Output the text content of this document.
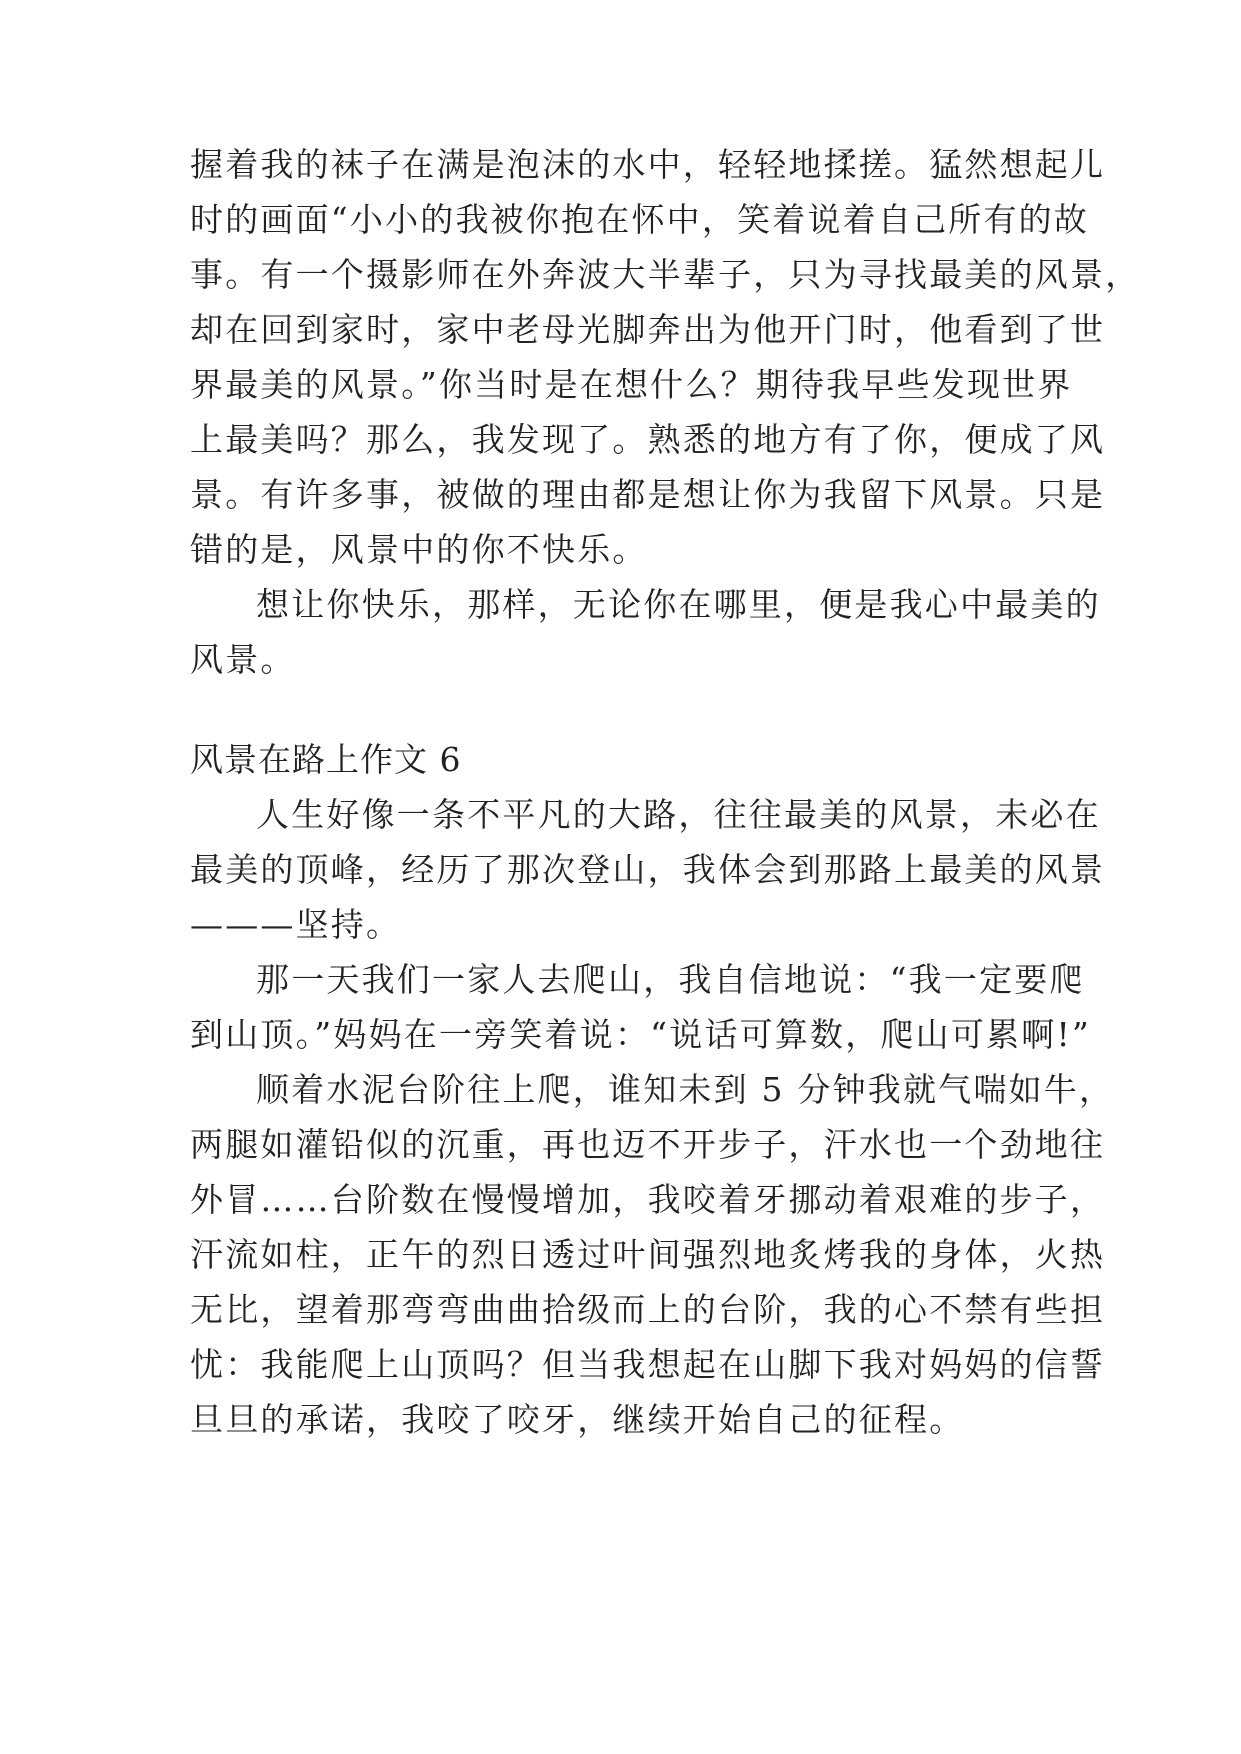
握着我的袜子在满是泡沫的水中，轻轻地揉搓。猛然想起儿
时的画面“小小的我被你抱在怀中，笑着说着自己所有的故
事。有一个摄影师在外奔波大半辈子，只为寻找最美的风景，
却在回到家时，家中老母光脚奔出为他开门时，他看到了世
界最美的风景。”你当时是在想什么？期待我早些发现世界
上最美吗？那么，我发现了。熟悉的地方有了你，便成了风
景。有许多事，被做的理由都是想让你为我留下风景。只是
错的是，风景中的你不快乐。
想让你快乐，那样，无论你在哪里，便是我心中最美的
风景。
风景在路上作文 6
人生好像一条不平凡的大路，往往最美的风景，未必在
最美的顶峰，经历了那次登山，我体会到那路上最美的风景
———坚持。
那一天我们一家人去爬山，我自信地说：“我一定要爬
到山顶。”妈妈在一旁笑着说：“说话可算数，爬山可累啊!”
顺着水泥台阶往上爬，谁知未到 5 分钟我就气喘如牛，
两腿如灌铅似的沉重，再也迈不开步子，汗水也一个劲地往
外冒……台阶数在慢慢增加，我咬着牙挪动着艰难的步子，
汗流如柱，正午的烈日透过叶间强烈地炙烤我的身体，火热
无比，望着那弯弯曲曲拾级而上的台阶，我的心不禁有些担
忧：我能爬上山顶吗？但当我想起在山脚下我对妈妈的信誓
旦旦的承诺，我咬了咬牙，继续开始自己的征程。
